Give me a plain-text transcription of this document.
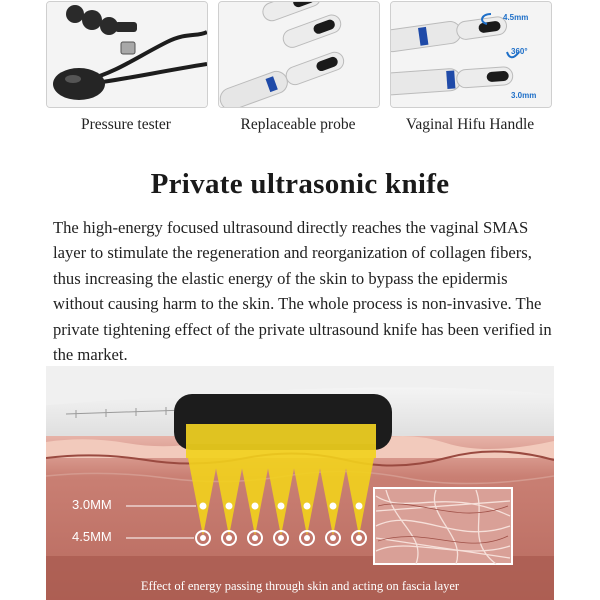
4.5mm
360°
3.0mm
Pressure tester	Replaceable probe	Vaginal Hifu Handle
Private ultrasonic knife
The high-energy focused ultrasound directly reaches the vaginal SMAS layer to stimulate the regeneration and reorganization of collagen fibers, thus increasing the elastic energy of the skin to bypass the epidermis without causing harm to the skin. The whole process is non-invasive. The private tightening effect of the private ultrasound knife has been verified in the market.
3.0MM
4.5MM
Effect of energy passing through skin and acting on fascia layer
